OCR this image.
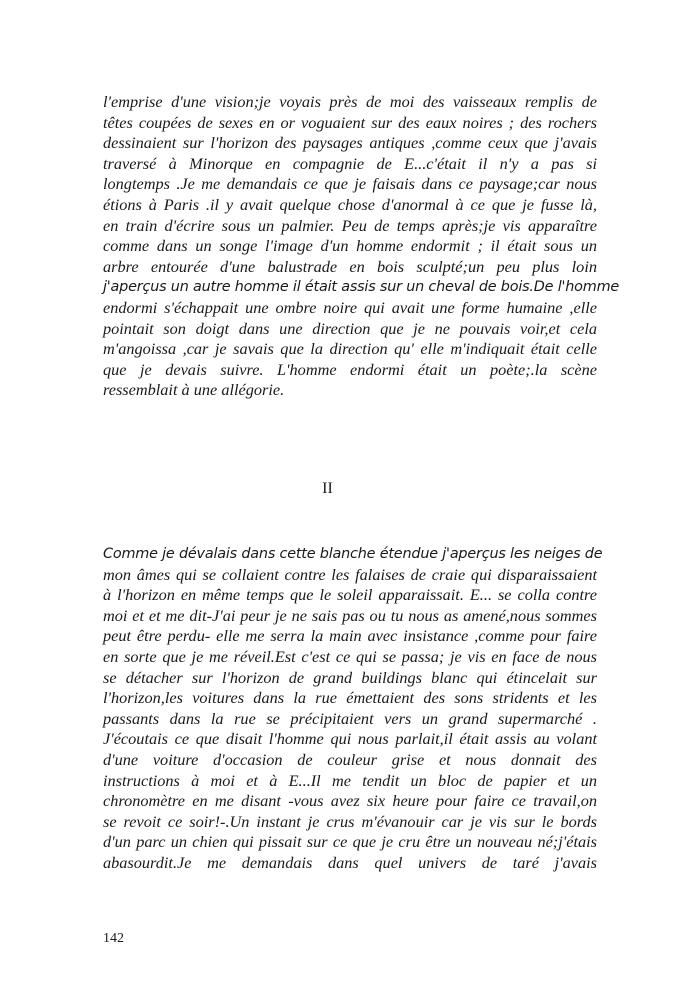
l'emprise d'une vision;je voyais près de moi des vaisseaux remplis de
têtes coupées de sexes en or voguaient sur des eaux noires ; des rochers
dessinaient sur l'horizon des paysages antiques ,comme ceux que j'avais
traversé à Minorque en compagnie de E...c'était il n'y a pas si
longtemps .Je me demandais ce que je faisais dans ce paysage;car nous
étions à Paris .il y avait quelque chose d'anormal à ce que je fusse là,
en train d'écrire sous un palmier. Peu de temps après;je vis apparaître
comme dans un songe l'image d'un homme endormit ; il était sous un
arbre entourée d'une balustrade en bois sculpté;un peu plus loin
j'aperçus un autre homme il était assis sur un cheval de bois.De l'homme
endormi s'échappait une ombre noire qui avait une forme humaine ,elle
pointait son doigt dans une direction que je ne pouvais voir,et cela
m'angoissa ,car je savais que la direction qu' elle m'indiquait était celle
que je devais suivre. L'homme endormi était un poète;.la scène
ressemblait à une allégorie.
II
Comme je dévalais dans cette blanche étendue j'aperçus les neiges de
mon âmes qui se collaient contre les falaises de craie qui disparaissaient
à l'horizon en même temps que le soleil apparaissait. E... se colla contre
moi et et me dit-J'ai peur je ne sais pas ou tu nous as amené,nous sommes
peut être perdu- elle me serra la main avec insistance ,comme pour faire
en sorte que je me réveil.Est c'est ce qui se passa; je vis en face de nous
se détacher sur l'horizon de grand buildings blanc qui étincelait sur
l'horizon,les voitures dans la rue émettaient des sons stridents et les
passants dans la rue se précipitaient vers un grand supermarché .
J'écoutais ce que disait l'homme qui nous parlait,il était assis au volant
d'une voiture d'occasion de couleur grise et nous donnait des
instructions à moi et à E...Il me tendit un bloc de papier et un
chronomètre en me disant -vous avez six heure pour faire ce travail,on
se revoit ce soir!-.Un instant je crus m'évanouir car je vis sur le bords
d'un parc un chien qui pissait sur ce que je cru être un nouveau né;j'étais
abasourdit.Je me demandais dans quel univers de taré j'avais
142
